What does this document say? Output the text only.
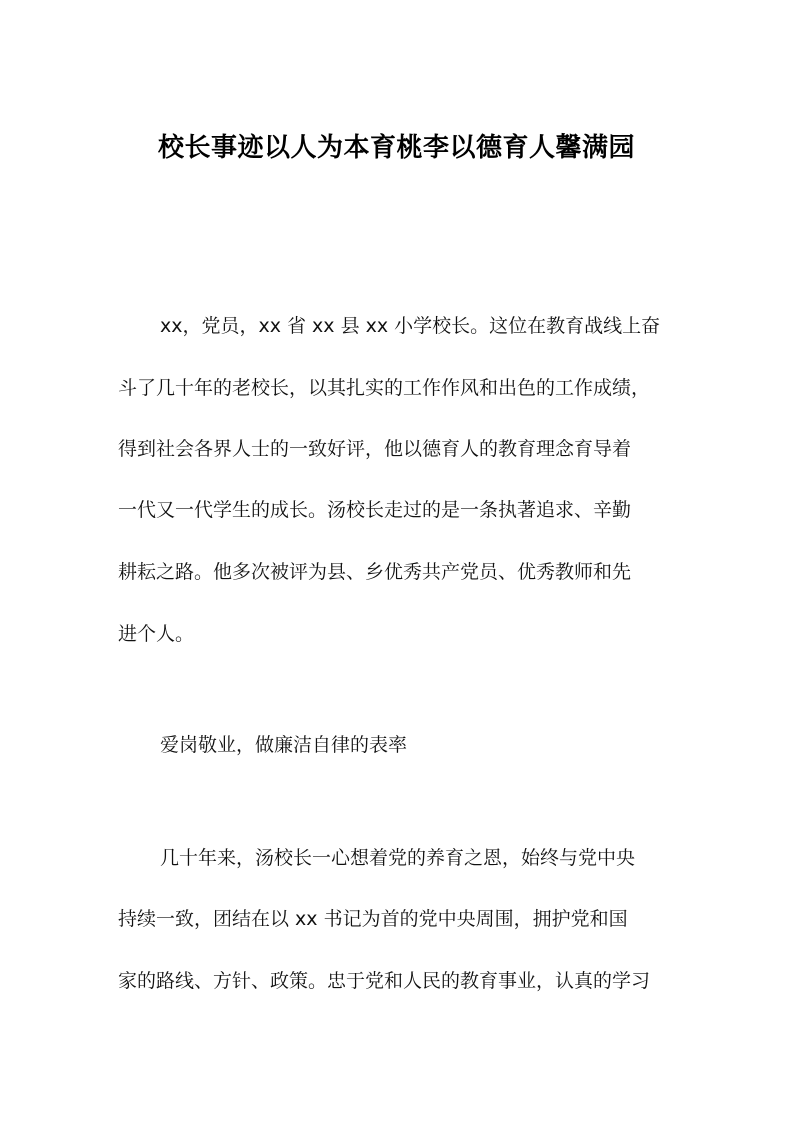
校长事迹以人为本育桃李以德育人馨满园
xx，党员，xx 省 xx 县 xx 小学校长。这位在教育战线上奋
斗了几十年的老校长，以其扎实的工作作风和出色的工作成绩，
得到社会各界人士的一致好评，他以德育人的教育理念育导着
一代又一代学生的成长。汤校长走过的是一条执著追求、辛勤
耕耘之路。他多次被评为县、乡优秀共产党员、优秀教师和先
进个人。
爱岗敬业，做廉洁自律的表率
几十年来，汤校长一心想着党的养育之恩，始终与党中央
持续一致，团结在以 xx 书记为首的党中央周围，拥护党和国
家的路线、方针、政策。忠于党和人民的教育事业，认真的学习
